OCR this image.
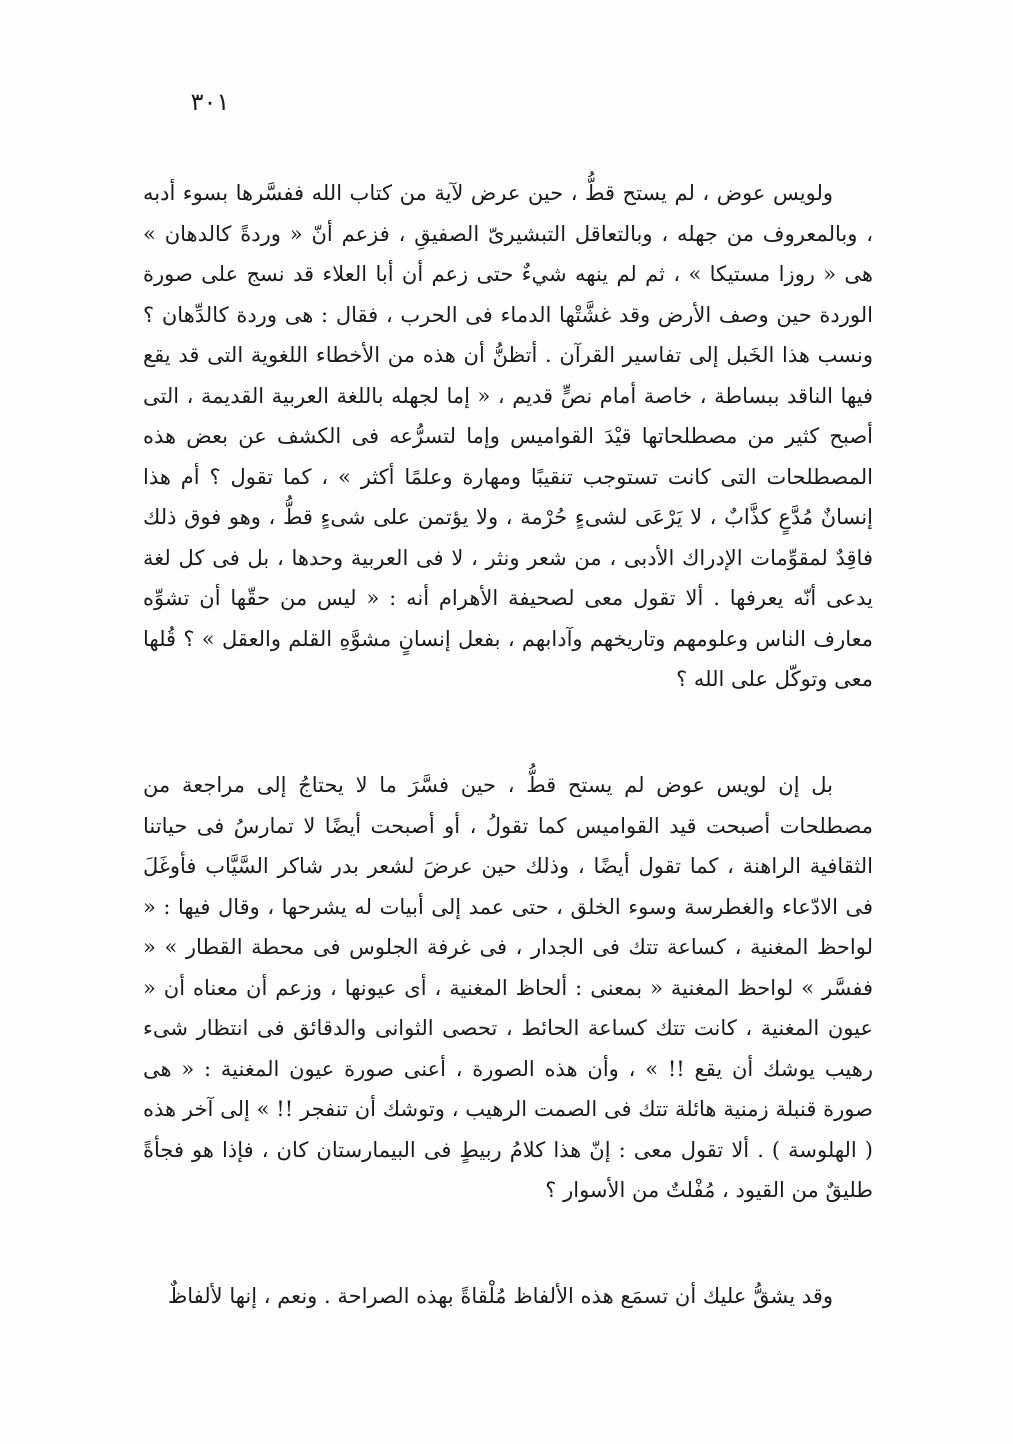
٣٠١

ولويس عوض ، لم يستح قطُّ ، حين عرض لآية من كتاب الله ففسَّرها بسوء أدبه ، وبالمعروف من جهله ، وبالتعاقل التبشيرىّ الصفيقِ ، فزعم أنّ « وردةً كالدهان » هى « روزا مستيكا » ، ثم لم ينهه شيءٌ حتى زعم أن أبا العلاء قد نسج على صورة الوردة حين وصف الأرض وقد غشَّتْها الدماء فى الحرب ، فقال : هى وردة كالدِّهان ؟ ونسب هذا الخَبل إلى تفاسير القرآن . أتظنُّ أن هذه من الأخطاء اللغوية التى قد يقع فيها الناقد ببساطة ، خاصة أمام نصٍّ قديم ، « إما لجهله باللغة العربية القديمة ، التى أصبح كثير من مصطلحاتها قيْدَ القواميس وإما لتسرُّعه فى الكشف عن بعض هذه المصطلحات التى كانت تستوجب تنقيبًا ومهارة وعلمًا أكثر » ، كما تقول ؟ أم هذا إنسانٌ مُدَّعٍ كذَّابٌ ، لا يَرْعَى لشىءٍ حُرْمة ، ولا يؤتمن على شىءٍ قطُّ ، وهو فوق ذلك فاقِدٌ لمقوِّمات الإدراك الأدبى ، من شعر ونثر ، لا فى العربية وحدها ، بل فى كل لغة يدعى أنّه يعرفها . ألا تقول معى لصحيفة الأهرام أنه : « ليس من حقّها أن تشوِّه معارف الناس وعلومهم وتاريخهم وآدابهم ، بفعل إنسانٍ مشوَّهِ القلم والعقل » ؟ قُلها معى وتوكّل على الله ؟

بل إن لويس عوض لم يستح قطُّ ، حين فسَّرَ ما لا يحتاجُ إلى مراجعة من مصطلحات أصبحت قيد القواميس كما تقولُ ، أو أصبحت أيضًا لا تمارسُ فى حياتنا الثقافية الراهنة ، كما تقول أيضًا ، وذلك حين عرضَ لشعر بدر شاكر السَّيَّاب فأوغَلَ فى الادّعاء والغطرسة وسوء الخلق ، حتى عمد إلى أبيات له يشرحها ، وقال فيها : « لواحظ المغنية ، كساعة تتك فى الجدار ، فى غرفة الجلوس فى محطة القطار » « ففسَّر » لواحظ المغنية « بمعنى : ألحاظ المغنية ، أى عيونها ، وزعم أن معناه أن « عيون المغنية ، كانت تتك كساعة الحائط ، تحصى الثوانى والدقائق فى انتظار شىء رهيب يوشك أن يقع !! » ، وأن هذه الصورة ، أعنى صورة عيون المغنية : « هى صورة قنبلة زمنية هائلة تتك فى الصمت الرهيب ، وتوشك أن تنفجر !! » إلى آخر هذه ( الهلوسة ) . ألا تقول معى : إنّ هذا كلامُ ربيطٍ فى البيمارستان كان ، فإذا هو فجأةً طليقٌ من القيود ، مُفْلتٌ من الأسوار ؟

وقد يشقُّ عليك أن تسمَع هذه الألفاظ مُلْقاةً بهذه الصراحة . ونعم ، إنها لألفاظٌ
